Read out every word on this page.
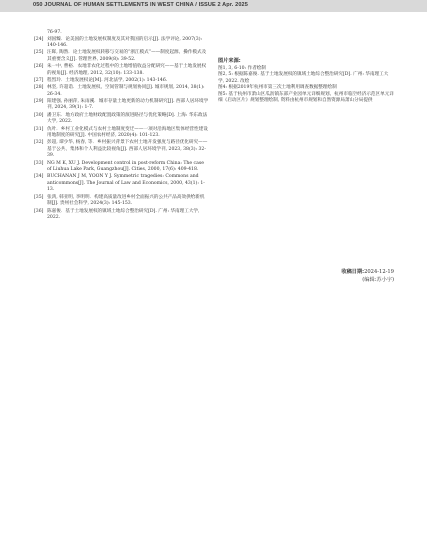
050 JOURNAL OF HUMAN SETTLEMENTS IN WEST CHINA / ISSUE 2 Apr. 2025
76-97.
[24] 刘国臻．论美国的土地发展权制度及其对我国的启示[J]. 法学评论, 2007(3): 140-146.
[25] 汪晖, 陶然．论土地发展权转移与交易的“浙江模式”——制度起源、操作模式及其重要含义[J]. 管理世界, 2009(8): 39-52.
[26] 朱一中, 曹裕．农地非农化过程中的土地增值收益分配研究——基于土地发展权的视角[J]. 经济地理, 2012, 32(10): 133-138.
[27] 程烈玲．土地发展权论[M]. 河北法学, 2002(1): 143-146.
[28] 林坚, 许超诣．土地发展权、空间管制与规划协同[J]. 城市规划, 2014, 38(1): 26-34.
[29] 阳建强, 孙丽萍, 朱雨溪．城市存量土地更新的动力机制研究[J]. 西部人居环境学刊, 2024, 39(1): 1-7.
[30] 潘卫东．地方政府土地财政配置政策的演进路径与优化策略[D]. 上海: 华东政法大学, 2022.
[31] 仇叶．乡村工业化模式与农村土地制度变迁——一项对沿海地区集体经营性建设用地制度的研究[J]. 中国农村经济, 2020(4): 101-123.
[32] 彭超, 谭少华, 杨春, 等．乡村振兴背景下农村土地开发强度与路径优化研究——基于公共、集体和个人利益比较视角[J]. 西部人居环境学刊, 2023, 38(3): 32-39.
[33] NG M K, XU J. Development control in post-reform China: The case of Liuhua Lake Park, Guangzhou[J]. Cities, 2000, 17(6): 409-418.
[34] BUCHANAN J M, YOON Y J. Symmetric tragedies: Commons and anticommons[J]. The Journal of Law and Economics, 2000, 43(1): 1-13.
[35] 张鸿, 韩亚明, 李明明．构建高质量改进乡村全面振兴的公共产品高效供给新机制[J]. 贵州社会科学, 2024(3): 145-153.
[36] 陈嘉俊．基于土地发展权的镇域土地综合整治研究[D]. 广州: 华南理工大学, 2022.
图片来源:
图1, 3, 6-10: 作者绘制
图2, 5: 根据陈嘉俊. 基于土地发展权的镇域土地综合整治研究[D]. 广州: 华南理工大学, 2022. 改绘
图4: 根据2019年杭州市第三次土地利用调查数据整理绘制
图5: 基于杭州市萧山区瓜沥镇东部产业园单元详细规划、杭州市临空经济示范区单元详细《启动区片》规划整理绘制, 资料由杭州市规划和自然资源局萧山分局提供
收稿日期:2024-12-19
(编辑:苏小宇)
